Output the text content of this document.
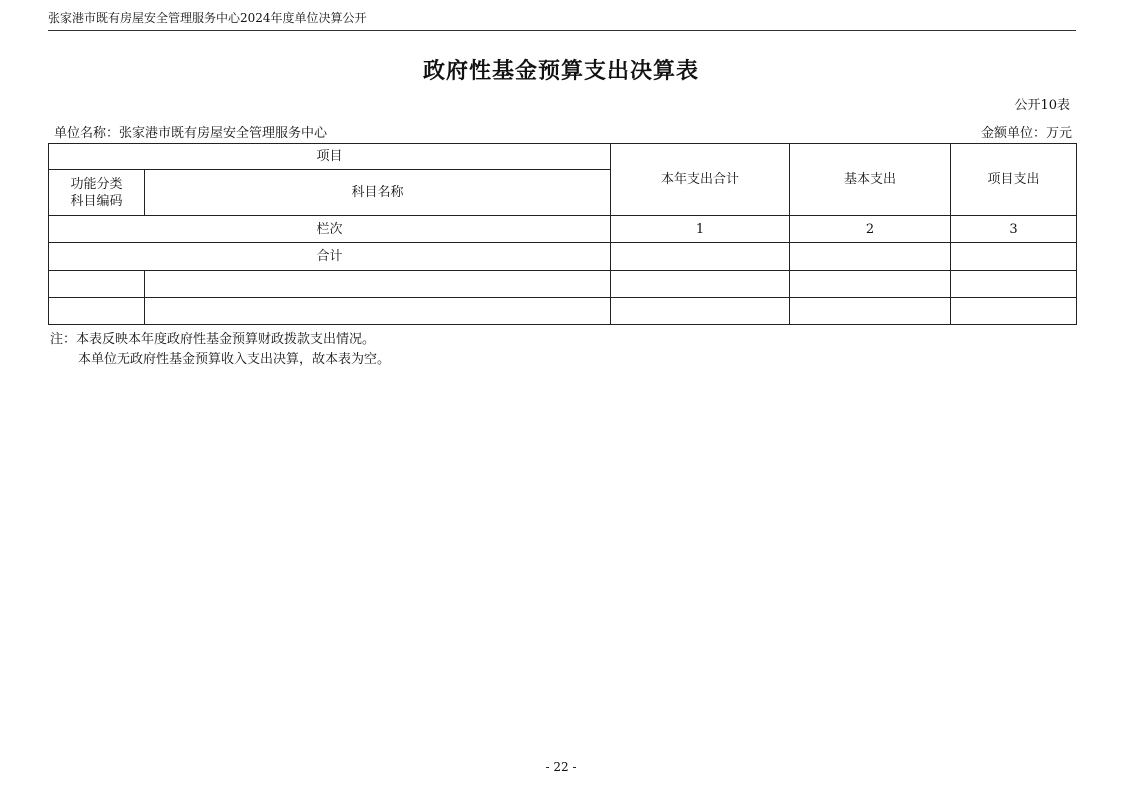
张家港市既有房屋安全管理服务中心2024年度单位决算公开
政府性基金预算支出决算表
公开10表
单位名称：张家港市既有房屋安全管理服务中心	金额单位：万元
项目		本年支出合计	基本支出	项目支出
功能分类
科目编码	科目名称			
栏次		1	2	3
合计				

注：本表反映本年度政府性基金预算财政拨款支出情况。
本单位无政府性基金预算收入支出决算，故本表为空。
- 22 -
